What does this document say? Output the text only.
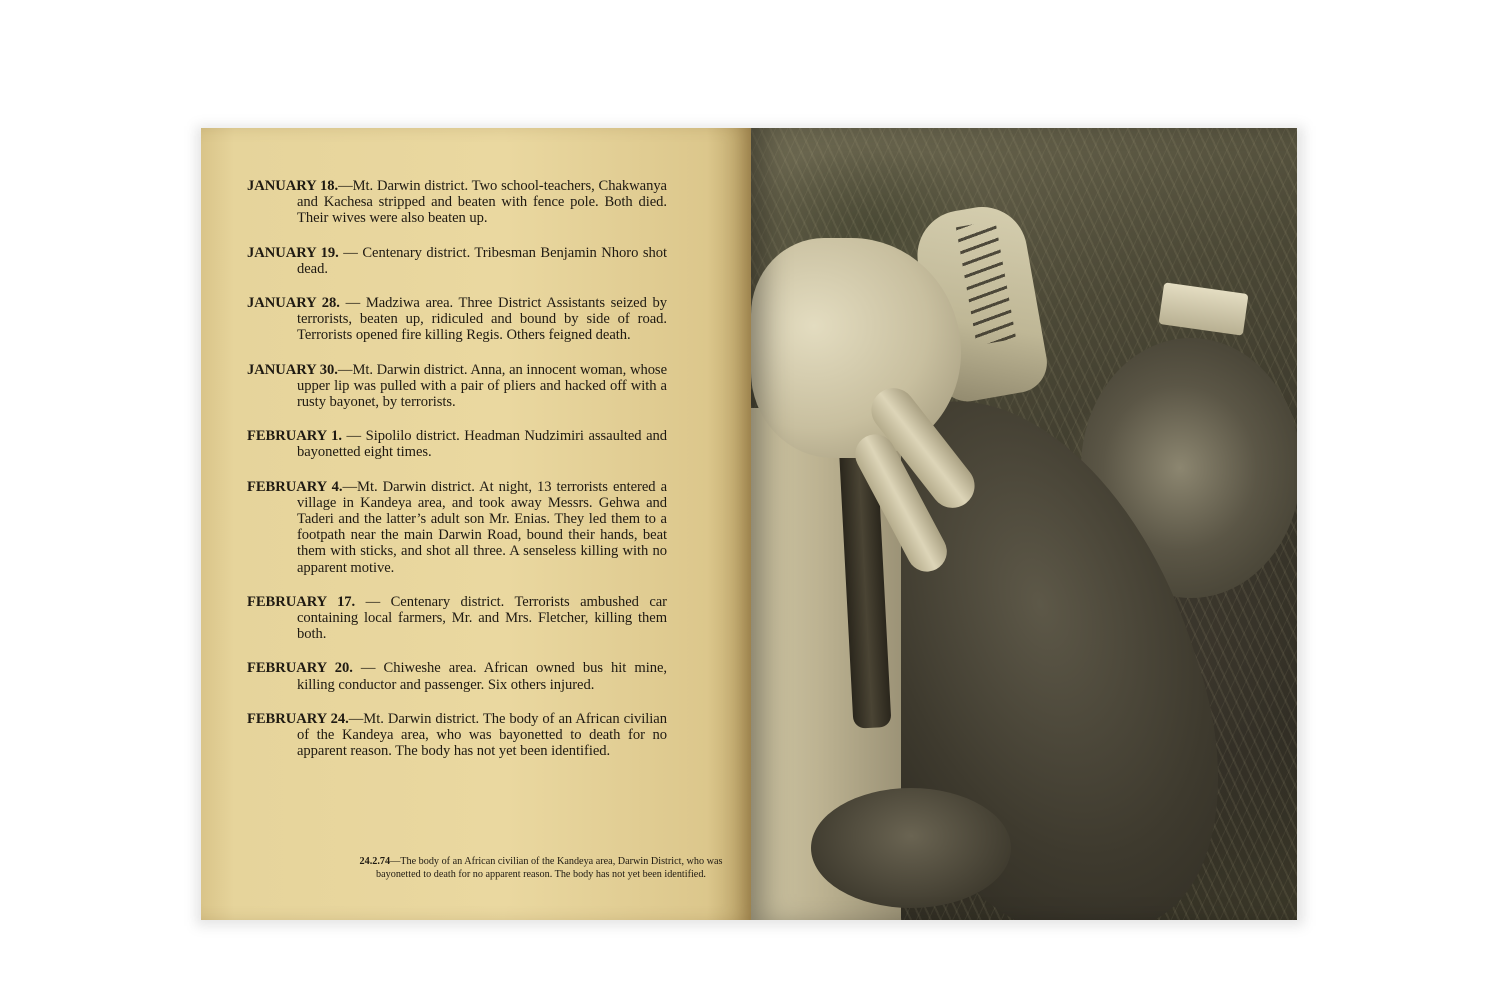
JANUARY 18.—Mt. Darwin district. Two school-teachers, Chakwanya and Kachesa stripped and beaten with fence pole. Both died. Their wives were also beaten up.

JANUARY 19. — Centenary district. Tribesman Benjamin Nhoro shot dead.

JANUARY 28. — Madziwa area. Three District Assistants seized by terrorists, beaten up, ridiculed and bound by side of road. Terrorists opened fire killing Regis. Others feigned death.

JANUARY 30.—Mt. Darwin district. Anna, an innocent woman, whose upper lip was pulled with a pair of pliers and hacked off with a rusty bayonet, by terrorists.

FEBRUARY 1. — Sipolilo district. Headman Nudzimiri assaulted and bayonetted eight times.

FEBRUARY 4.—Mt. Darwin district. At night, 13 terrorists entered a village in Kandeya area, and took away Messrs. Gehwa and Taderi and the latter’s adult son Mr. Enias. They led them to a footpath near the main Darwin Road, bound their hands, beat them with sticks, and shot all three. A senseless killing with no apparent motive.

FEBRUARY 17. — Centenary district. Terrorists ambushed car containing local farmers, Mr. and Mrs. Fletcher, killing them both.

FEBRUARY 20. — Chiweshe area. African owned bus hit mine, killing conductor and passenger. Six others injured.

FEBRUARY 24.—Mt. Darwin district. The body of an African civilian of the Kandeya area, who was bayonetted to death for no apparent reason. The body has not yet been identified.

24.2.74—The body of an African civilian of the Kandeya area, Darwin District, who was bayonetted to death for no apparent reason. The body has not yet been identified.
